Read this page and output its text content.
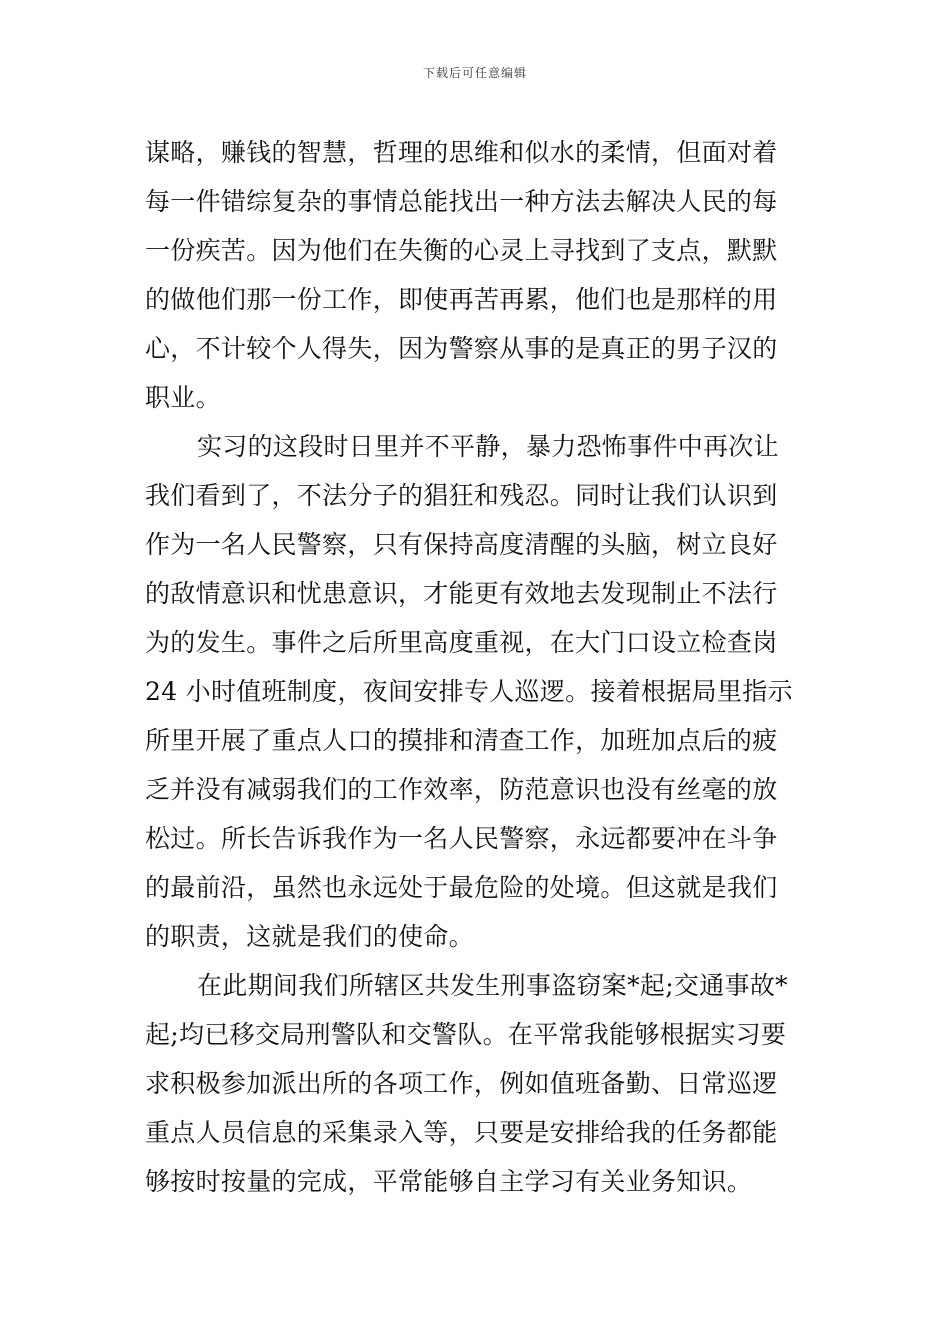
下载后可任意编辑
谋略，赚钱的智慧，哲理的思维和似水的柔情，但面对着
每一件错综复杂的事情总能找出一种方法去解决人民的每
一份疾苦。因为他们在失衡的心灵上寻找到了支点，默默
的做他们那一份工作，即使再苦再累，他们也是那样的用
心，不计较个人得失，因为警察从事的是真正的男子汉的
职业。
实习的这段时日里并不平静，暴力恐怖事件中再次让
我们看到了，不法分子的猖狂和残忍。同时让我们认识到
作为一名人民警察，只有保持高度清醒的头脑，树立良好
的敌情意识和忧患意识，才能更有效地去发现制止不法行
为的发生。事件之后所里高度重视，在大门口设立检查岗
24 小时值班制度，夜间安排专人巡逻。接着根据局里指示
所里开展了重点人口的摸排和清查工作，加班加点后的疲
乏并没有减弱我们的工作效率，防范意识也没有丝毫的放
松过。所长告诉我作为一名人民警察，永远都要冲在斗争
的最前沿，虽然也永远处于最危险的处境。但这就是我们
的职责，这就是我们的使命。
在此期间我们所辖区共发生刑事盗窃案*起;交通事故*
起;均已移交局刑警队和交警队。在平常我能够根据实习要
求积极参加派出所的各项工作，例如值班备勤、日常巡逻
重点人员信息的采集录入等，只要是安排给我的任务都能
够按时按量的完成，平常能够自主学习有关业务知识。
